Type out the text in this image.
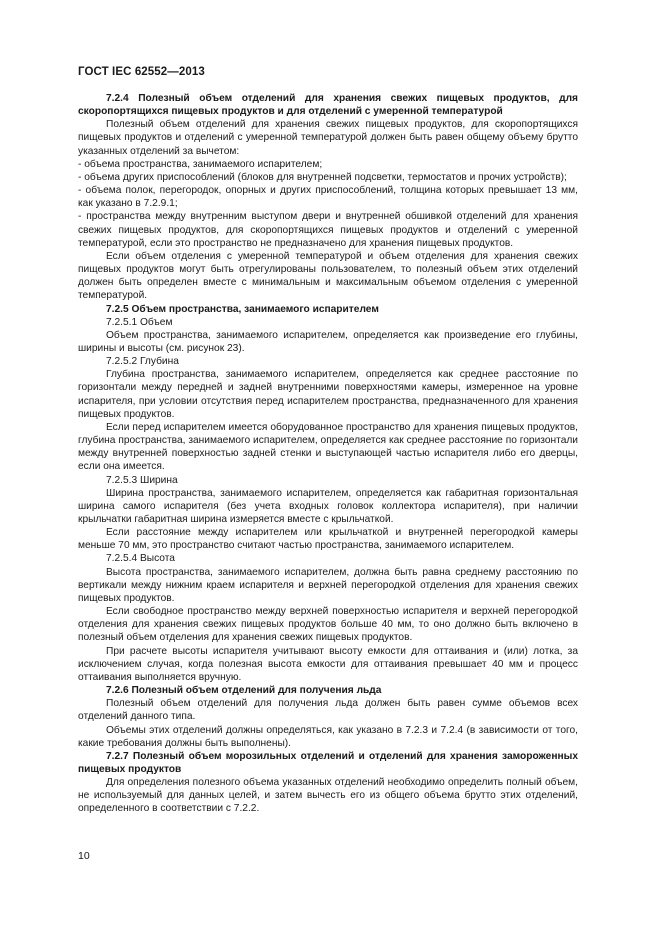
ГОСТ IEC 62552—2013

7.2.4 Полезный объем отделений для хранения свежих пищевых продуктов, для скоропортящихся пищевых продуктов и для отделений с умеренной температурой

Полезный объем отделений для хранения свежих пищевых продуктов, для скоропортящихся пищевых продуктов и отделений с умеренной температурой должен быть равен общему объему брутто указанных отделений за вычетом:

- объема пространства, занимаемого испарителем;

- объема других приспособлений (блоков для внутренней подсветки, термостатов и прочих устройств);

- объема полок, перегородок, опорных и других приспособлений, толщина которых превышает 13 мм, как указано в 7.2.9.1;

- пространства между внутренним выступом двери и внутренней обшивкой отделений для хранения свежих пищевых продуктов, для скоропортящихся пищевых продуктов и отделений с умеренной температурой, если это пространство не предназначено для хранения пищевых продуктов.

Если объем отделения с умеренной температурой и объем отделения для хранения свежих пищевых продуктов могут быть отрегулированы пользователем, то полезный объем этих отделений должен быть определен вместе с минимальным и максимальным объемом отделения с умеренной температурой.

7.2.5 Объем пространства, занимаемого испарителем

7.2.5.1 Объем

Объем пространства, занимаемого испарителем, определяется как произведение его глубины, ширины и высоты (см. рисунок 23).

7.2.5.2 Глубина

Глубина пространства, занимаемого испарителем, определяется как среднее расстояние по горизонтали между передней и задней внутренними поверхностями камеры, измеренное на уровне испарителя, при условии отсутствия перед испарителем пространства, предназначенного для хранения пищевых продуктов.

Если перед испарителем имеется оборудованное пространство для хранения пищевых продуктов, глубина пространства, занимаемого испарителем, определяется как среднее расстояние по горизонтали между внутренней поверхностью задней стенки и выступающей частью испарителя либо его дверцы, если она имеется.

7.2.5.3 Ширина

Ширина пространства, занимаемого испарителем, определяется как габаритная горизонтальная ширина самого испарителя (без учета входных головок коллектора испарителя), при наличии крыльчатки габаритная ширина измеряется вместе с крыльчаткой.

Если расстояние между испарителем или крыльчаткой и внутренней перегородкой камеры меньше 70 мм, это пространство считают частью пространства, занимаемого испарителем.

7.2.5.4 Высота

Высота пространства, занимаемого испарителем, должна быть равна среднему расстоянию по вертикали между нижним краем испарителя и верхней перегородкой отделения для хранения свежих пищевых продуктов.

Если свободное пространство между верхней поверхностью испарителя и верхней перегородкой отделения для хранения свежих пищевых продуктов больше 40 мм, то оно должно быть включено в полезный объем отделения для хранения свежих пищевых продуктов.

При расчете высоты испарителя учитывают высоту емкости для оттаивания и (или) лотка, за исключением случая, когда полезная высота емкости для оттаивания превышает 40 мм и процесс оттаивания выполняется вручную.

7.2.6 Полезный объем отделений для получения льда

Полезный объем отделений для получения льда должен быть равен сумме объемов всех отделений данного типа.

Объемы этих отделений должны определяться, как указано в 7.2.3 и 7.2.4 (в зависимости от того, какие требования должны быть выполнены).

7.2.7 Полезный объем морозильных отделений и отделений для хранения замороженных пищевых продуктов

Для определения полезного объема указанных отделений необходимо определить полный объем, не используемый для данных целей, и затем вычесть его из общего объема брутто этих отделений, определенного в соответствии с 7.2.2.

10
